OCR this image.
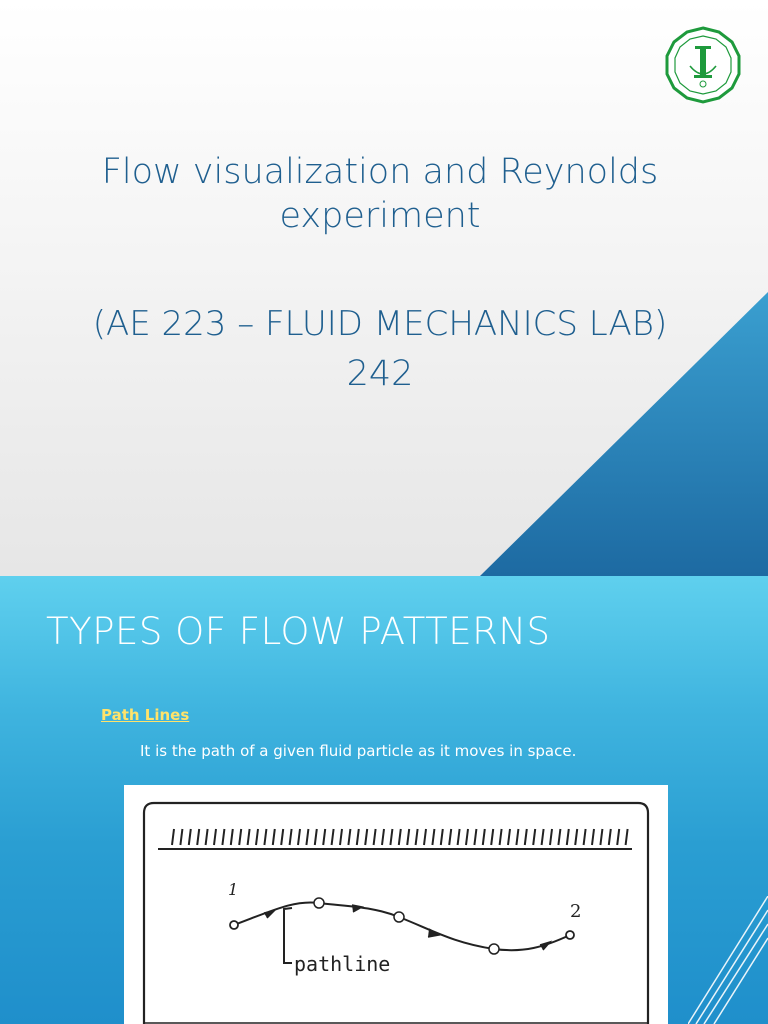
Flow visualization and Reynolds
experiment
(AE 223 – FLUID MECHANICS LAB)
242
TYPES OF FLOW PATTERNS
Path Lines
It is the path of a given fluid particle as it moves in space.
1
2
pathline
